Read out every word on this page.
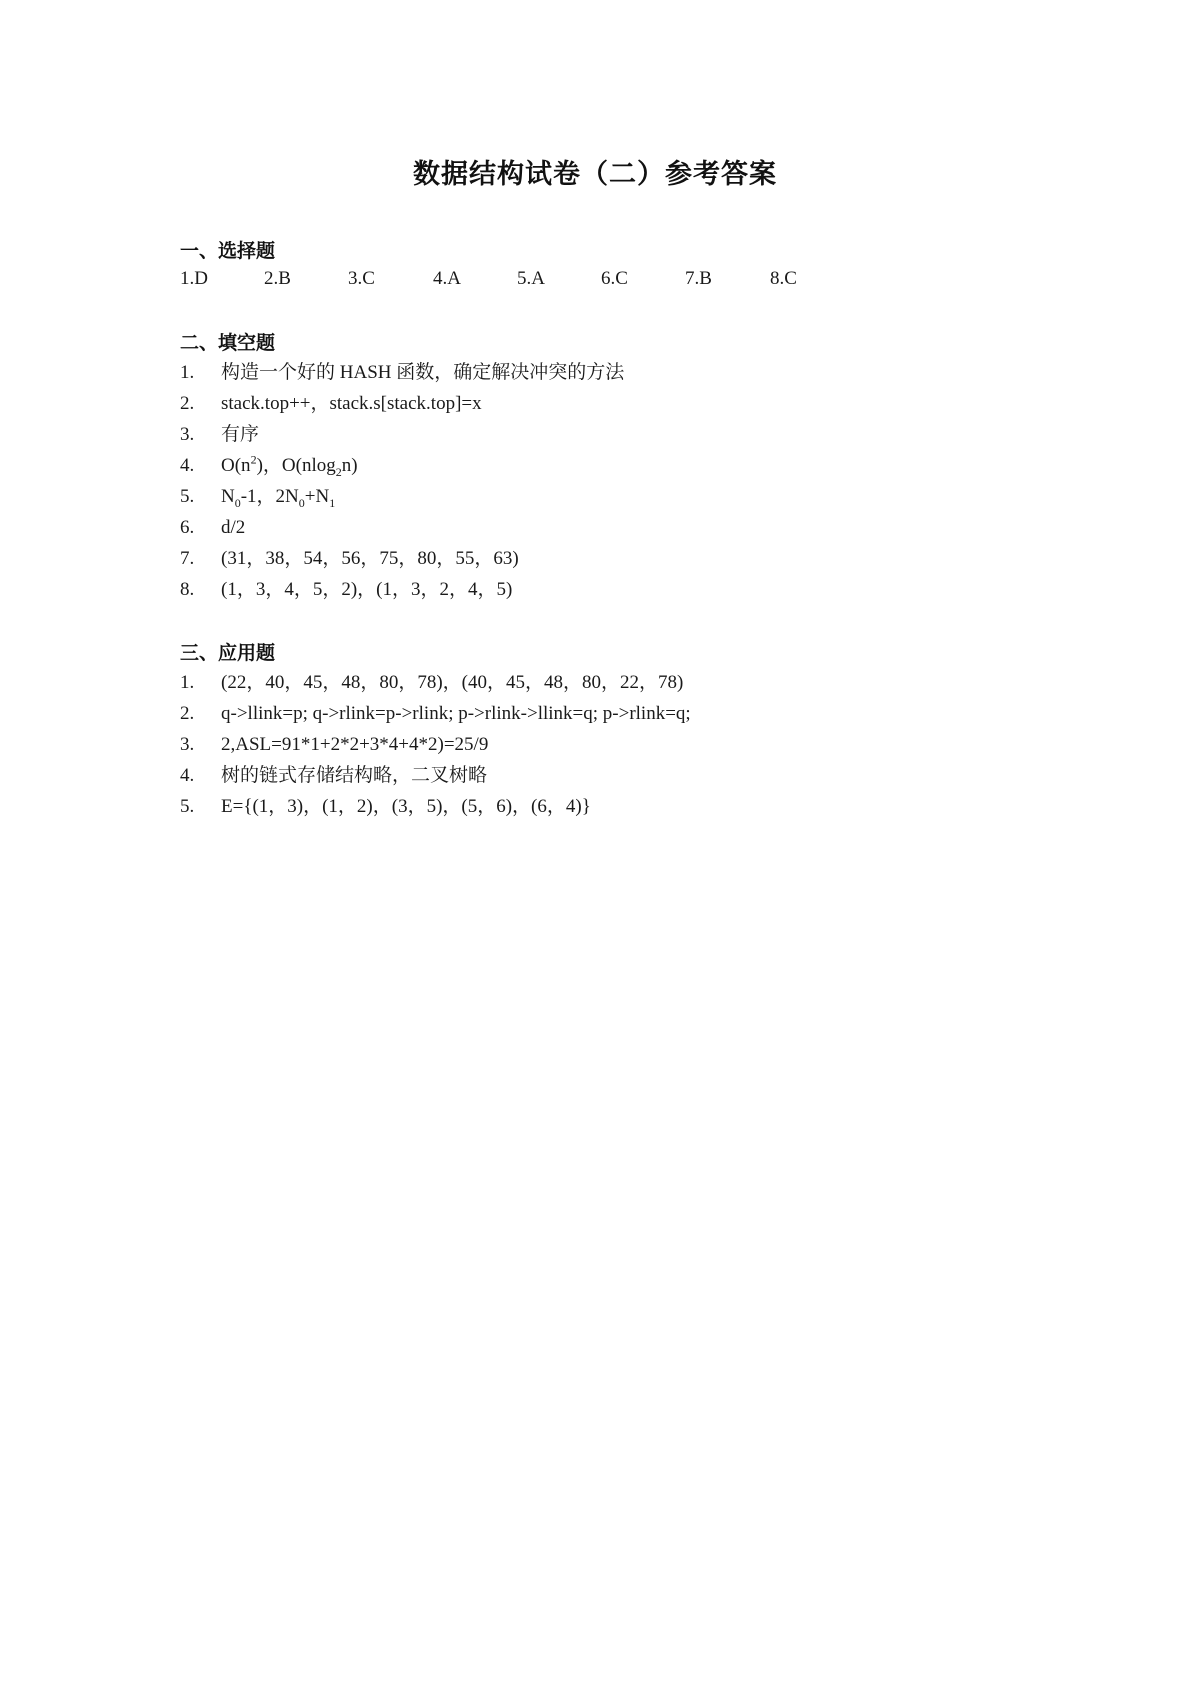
数据结构试卷（二）参考答案
一、选择题
1.D	2.B	3.C	4.A	5.A	6.C	7.B	8.C
二、填空题
1. 构造一个好的 HASH 函数，确定解决冲突的方法
2. stack.top++，stack.s[stack.top]=x
3. 有序
4. $O(n^2)$，O(nlog$_2$n)
5. $N_0-1$，$2N_0+N_1$
6. d/2
7. (31，38，54，56，75，80，55，63)
8. (1，3，4，5，2)，(1，3，2，4，5)
三、应用题
1. (22，40，45，48，80，78)，(40，45，48，80，22，78)
2. q->llink=p; q->rlink=p->rlink; p->rlink->llink=q; p->rlink=q;
3. 2,ASL=91*1+2*2+3*4+4*2)=25/9
4. 树的链式存储结构略，二叉树略
5. E={(1，3)，(1，2)，(3，5)，(5，6)，(6，4)}
